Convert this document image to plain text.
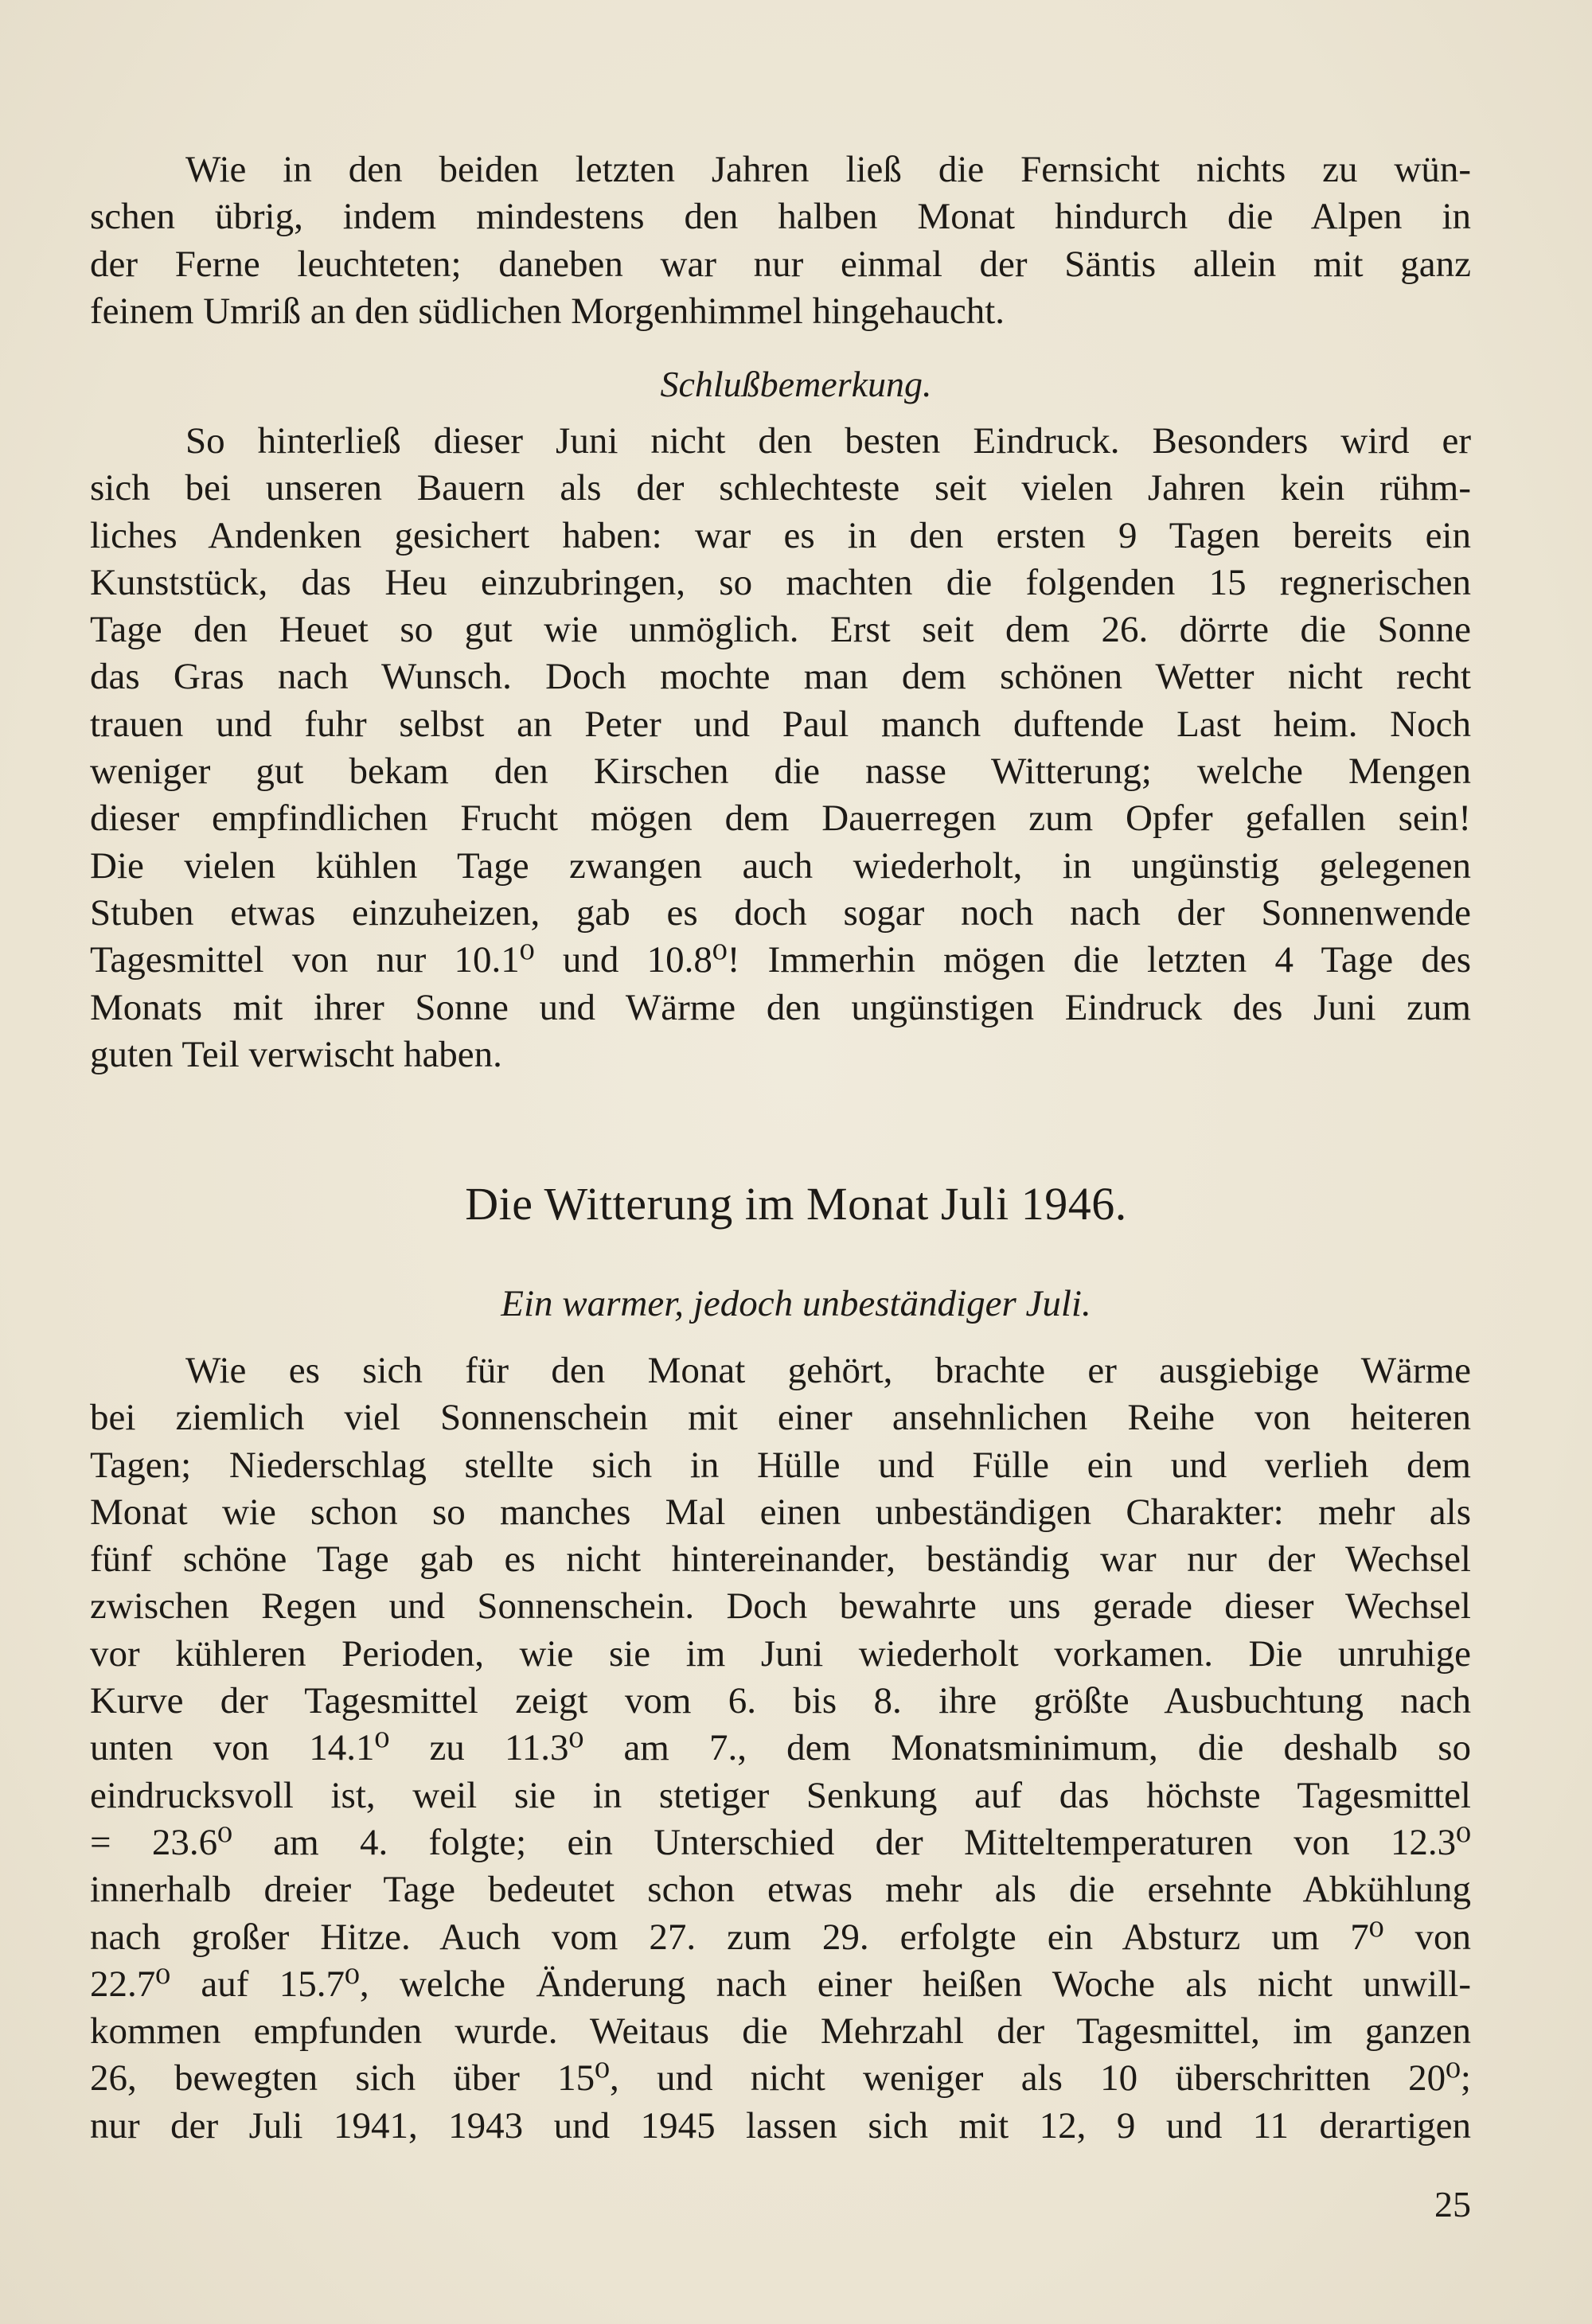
Wie in den beiden letzten Jahren ließ die Fernsicht nichts zu wün-
schen übrig, indem mindestens den halben Monat hindurch die Alpen in
der Ferne leuchteten; daneben war nur einmal der Säntis allein mit ganz
feinem Umriß an den südlichen Morgenhimmel hingehaucht.
Schlußbemerkung.
So hinterließ dieser Juni nicht den besten Eindruck. Besonders wird er
sich bei unseren Bauern als der schlechteste seit vielen Jahren kein rühm-
liches Andenken gesichert haben: war es in den ersten 9 Tagen bereits ein
Kunststück, das Heu einzubringen, so machten die folgenden 15 regnerischen
Tage den Heuet so gut wie unmöglich. Erst seit dem 26. dörrte die Sonne
das Gras nach Wunsch. Doch mochte man dem schönen Wetter nicht recht
trauen und fuhr selbst an Peter und Paul manch duftende Last heim. Noch
weniger gut bekam den Kirschen die nasse Witterung; welche Mengen
dieser empfindlichen Frucht mögen dem Dauerregen zum Opfer gefallen sein!
Die vielen kühlen Tage zwangen auch wiederholt, in ungünstig gelegenen
Stuben etwas einzuheizen, gab es doch sogar noch nach der Sonnenwende
Tagesmittel von nur 10.1⁰ und 10.8⁰! Immerhin mögen die letzten 4 Tage des
Monats mit ihrer Sonne und Wärme den ungünstigen Eindruck des Juni zum
guten Teil verwischt haben.
Die Witterung im Monat Juli 1946.
Ein warmer, jedoch unbeständiger Juli.
Wie es sich für den Monat gehört, brachte er ausgiebige Wärme
bei ziemlich viel Sonnenschein mit einer ansehnlichen Reihe von heiteren
Tagen; Niederschlag stellte sich in Hülle und Fülle ein und verlieh dem
Monat wie schon so manches Mal einen unbeständigen Charakter: mehr als
fünf schöne Tage gab es nicht hintereinander, beständig war nur der Wechsel
zwischen Regen und Sonnenschein. Doch bewahrte uns gerade dieser Wechsel
vor kühleren Perioden, wie sie im Juni wiederholt vorkamen. Die unruhige
Kurve der Tagesmittel zeigt vom 6. bis 8. ihre größte Ausbuchtung nach
unten von 14.1⁰ zu 11.3⁰ am 7., dem Monatsminimum, die deshalb so
eindrucksvoll ist, weil sie in stetiger Senkung auf das höchste Tagesmittel
= 23.6⁰ am 4. folgte; ein Unterschied der Mitteltemperaturen von 12.3⁰
innerhalb dreier Tage bedeutet schon etwas mehr als die ersehnte Abkühlung
nach großer Hitze. Auch vom 27. zum 29. erfolgte ein Absturz um 7⁰ von
22.7⁰ auf 15.7⁰, welche Änderung nach einer heißen Woche als nicht unwill-
kommen empfunden wurde. Weitaus die Mehrzahl der Tagesmittel, im ganzen
26, bewegten sich über 15⁰, und nicht weniger als 10 überschritten 20⁰;
nur der Juli 1941, 1943 und 1945 lassen sich mit 12, 9 und 11 derartigen
25
